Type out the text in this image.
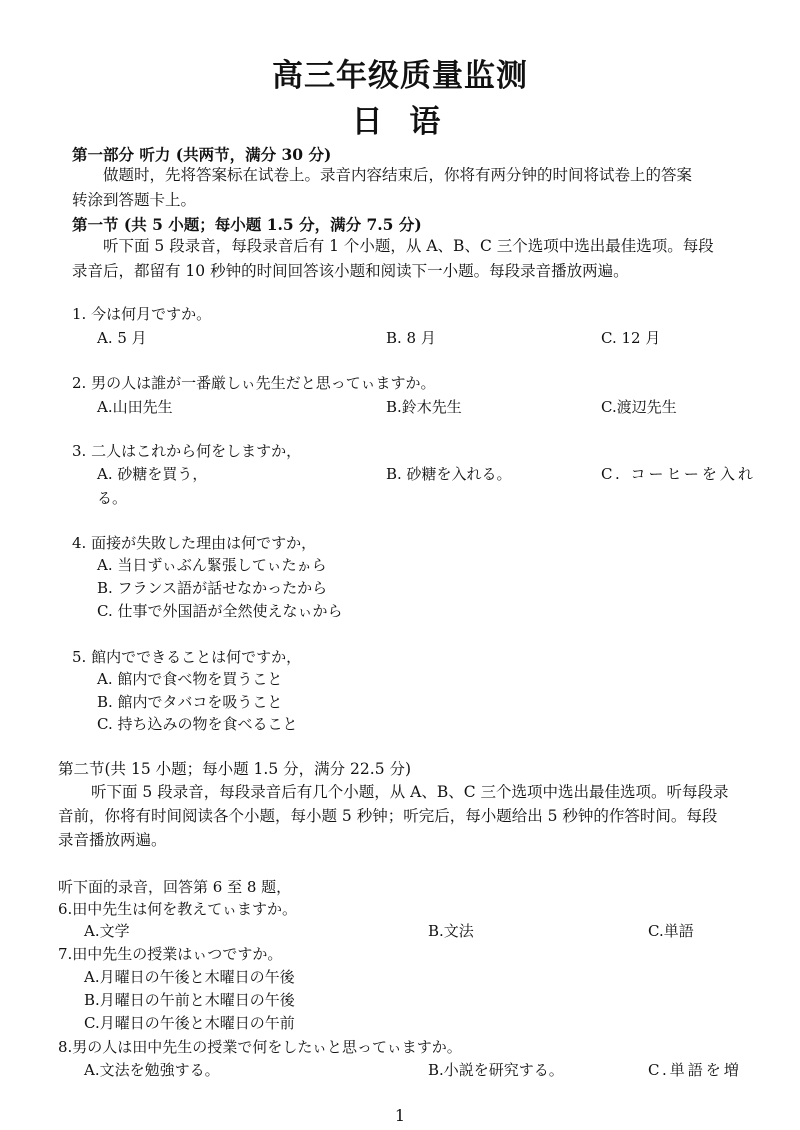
高三年级质量监测
日 语
第一部分 听力 (共两节，满分 30 分)
做题时，先将答案标在试卷上。录音内容结束后，你将有两分钟的时间将试卷上的答案
转涂到答题卡上。
第一节 (共 5 小题；每小题 1.5 分，满分 7.5 分)
听下面 5 段录音，每段录音后有 1 个小题，从 A、B、C 三个选项中选出最佳选项。每段
录音后，都留有 10 秒钟的时间回答该小题和阅读下一小题。每段录音播放两遍。
1. 今は何月ですか。
A. 5 月	B. 8 月	C. 12 月
2. 男の人は誰が一番厳しぃ先生だと思ってぃますか。
A.山田先生	B.鈴木先生	C.渡辺先生
3. 二人はこれから何をしますか，
A. 砂糖を買う，	B. 砂糖を入れる。	C. コーヒーを入れ
る。
4. 面接が失敗した理由は何ですか，
A. 当日ずぃぶん緊張してぃたゕら
B. フランス語が話せなかったから
C. 仕事で外国語が全然使えなぃから
5. 館内でできることは何ですか，
A. 館内で食べ物を買うこと
B. 館内でタバコを吸うこと
C. 持ち込みの物を食べること
第二节(共 15 小题；每小题 1.5 分，满分 22.5 分)
听下面 5 段录音，每段录音后有几个小题，从 A、B、C 三个选项中选出最佳选项。听每段录
音前，你将有时间阅读各个小题，每小题 5 秒钟；听完后，每小题给出 5 秒钟的作答时间。每段
录音播放两遍。
听下面的录音，回答第 6 至 8 题，
6.田中先生は何を教えてぃますか。
A.文学	B.文法	C.単語
7.田中先生の授業はぃつですか。
A.月曜日の午後と木曜日の午後
B.月曜日の午前と木曜日の午後
C.月曜日の午後と木曜日の午前
8.男の人は田中先生の授業で何をしたぃと思ってぃますか。
A.文法を勉強する。	B.小説を研究する。	C.単語を増
1
